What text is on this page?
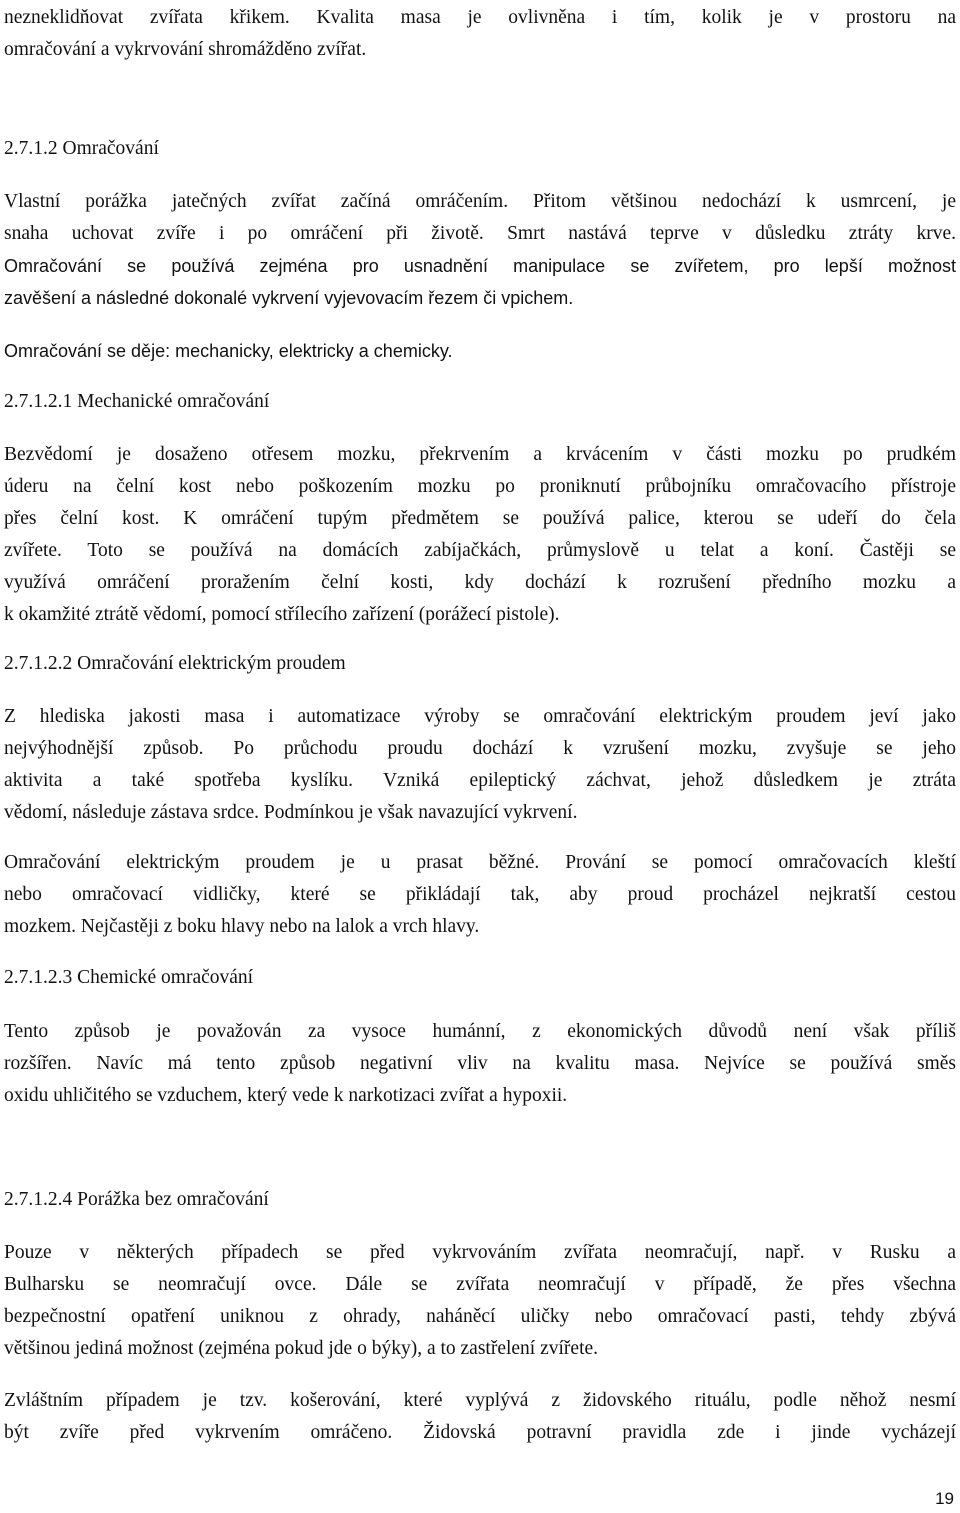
nezneklidňovat zvířata křikem. Kvalita masa je ovlivněna i tím, kolik je v prostoru na
omračování a vykrvování shromážděno zvířat.
2.7.1.2 Omračování
Vlastní porážka jatečných zvířat začíná omráčením. Přitom většinou nedochází k usmrcení, je
snaha uchovat zvíře i po omráčení při životě. Smrt nastává teprve v důsledku ztráty krve.
Omračování se používá zejména pro usnadnění manipulace se zvířetem, pro lepší možnost
zavěšení a následné dokonalé vykrvení vyjevovacím řezem či vpichem.
Omračování se děje: mechanicky, elektricky a chemicky.
2.7.1.2.1 Mechanické omračování
Bezvědomí je dosaženo otřesem mozku, překrvením a krvácením v části mozku po prudkém
úderu na čelní kost nebo poškozením mozku po proniknutí průbojníku omračovacího přístroje
přes čelní kost. K omráčení tupým předmětem se používá palice, kterou se udeří do čela
zvířete. Toto se používá na domácích zabíjačkách, průmyslově u telat a koní. Častěji se
využívá omráčení proražením čelní kosti, kdy dochází k rozrušení předního mozku a
k okamžité ztrátě vědomí, pomocí střílecího zařízení (porážecí pistole).
2.7.1.2.2 Omračování elektrickým proudem
Z hlediska jakosti masa i automatizace výroby se omračování elektrickým proudem jeví jako
nejvýhodnější způsob. Po průchodu proudu dochází k vzrušení mozku, zvyšuje se jeho
aktivita a také spotřeba kyslíku. Vzniká epileptický záchvat, jehož důsledkem je ztráta
vědomí, následuje zástava srdce. Podmínkou je však navazující vykrvení.
Omračování elektrickým proudem je u prasat běžné. Prování se pomocí omračovacích kleští
nebo omračovací vidličky, které se přikládají tak, aby proud procházel nejkratší cestou
mozkem. Nejčastěji z boku hlavy nebo na lalok a vrch hlavy.
2.7.1.2.3 Chemické omračování
Tento způsob je považován za vysoce humánní, z ekonomických důvodů není však příliš
rozšířen. Navíc má tento způsob negativní vliv na kvalitu masa. Nejvíce se používá směs
oxidu uhličitého se vzduchem, který vede k narkotizaci zvířat a hypoxii.
2.7.1.2.4 Porážka bez omračování
Pouze v některých případech se před vykrvováním zvířata neomračují, např. v Rusku a
Bulharsku se neomračují ovce. Dále se zvířata neomračují v případě, že přes všechna
bezpečnostní opatření uniknou z ohrady, naháněcí uličky nebo omračovací pasti, tehdy zbývá
většinou jediná možnost (zejména pokud jde o býky), a to zastřelení zvířete.
Zvláštním případem je tzv. košerování, které vyplývá z židovského rituálu, podle něhož nesmí
být zvíře před vykrvením omráčeno. Židovská potravní pravidla zde i jinde vycházejí
19
